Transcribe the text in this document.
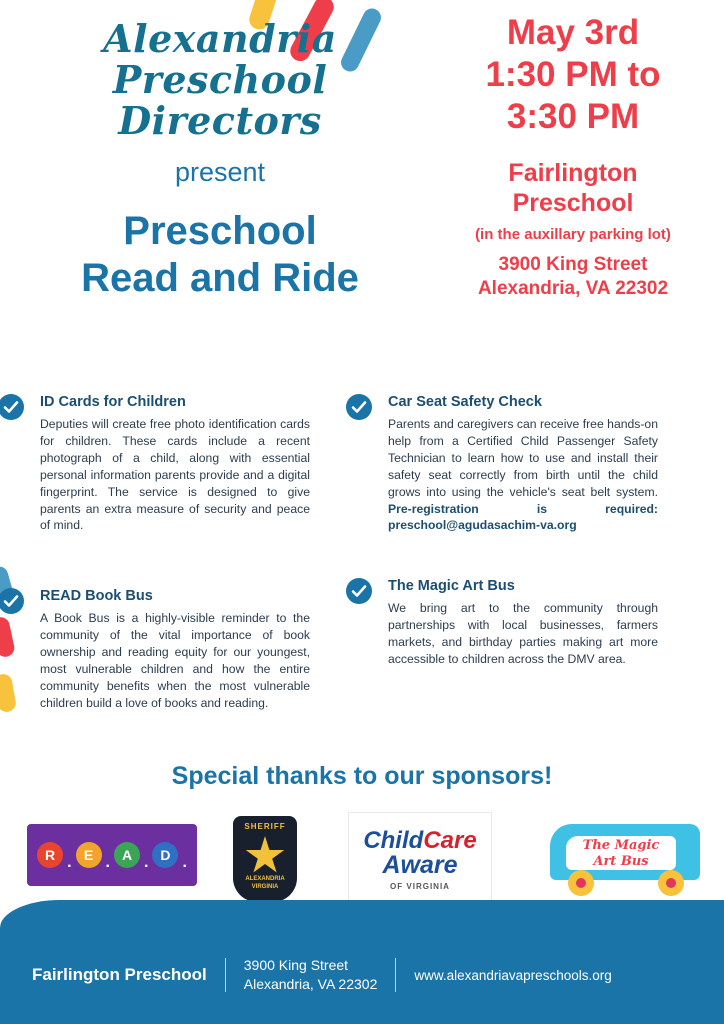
Alexandria
Preschool
Directors
present
Preschool
Read and Ride
May 3rd
1:30 PM to
3:30 PM
Fairlington
Preschool
(in the auxillary parking lot)
3900 King Street
Alexandria, VA 22302
ID Cards for Children
Deputies will create free photo identification cards for children. These cards include a recent photograph of a child, along with essential personal information parents provide and a digital fingerprint. The service is designed to give parents an extra measure of security and peace of mind.
Car Seat Safety Check
Parents and caregivers can receive free hands-on help from a Certified Child Passenger Safety Technician to learn how to use and install their safety seat correctly from birth until the child grows into using the vehicle's seat belt system. Pre-registration is required: preschool@agudasachim-va.org
READ Book Bus
A Book Bus is a highly-visible reminder to the community of the vital importance of book ownership and reading equity for our youngest, most vulnerable children and how the entire community benefits when the most vulnerable children build a love of books and reading.
The Magic Art Bus
We bring art to the community through partnerships with local businesses, farmers markets, and birthday parties making art more accessible to children across the DMV area.
Special thanks to our sponsors!
R . E . A . D .
SHERIFF
ALEXANDRIA
VIRGINIA
ChildCare
Aware
OF VIRGINIA
The Magic
Art Bus
Fairlington Preschool	3900 King Street
Alexandria, VA 22302
www.alexandriavapreschools.org
